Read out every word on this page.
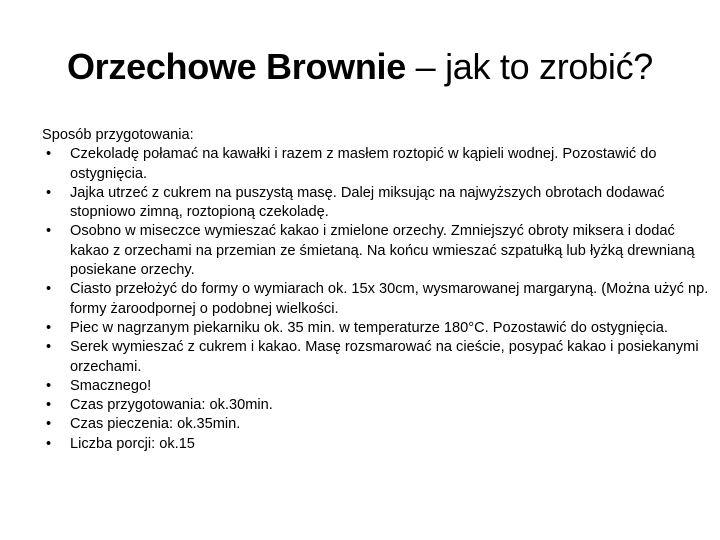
Orzechowe Brownie – jak to zrobić?

Sposób przygotowania:

•	Czekoladę połamać na kawałki i razem z masłem roztopić w kąpieli wodnej. Pozostawić do ostygnięcia.
•	Jajka utrzeć z cukrem na puszystą masę. Dalej miksując na najwyższych obrotach dodawać stopniowo zimną, roztopioną czekoladę.
•	Osobno w miseczce wymieszać kakao i zmielone orzechy. Zmniejszyć obroty miksera i dodać kakao z orzechami na przemian ze śmietaną. Na końcu wmieszać szpatułką lub łyżką drewnianą posiekane orzechy.
•	Ciasto przełożyć do formy o wymiarach ok. 15x 30cm, wysmarowanej margaryną. (Można użyć np. formy żaroodpornej o podobnej wielkości.
•	Piec w nagrzanym piekarniku ok. 35 min. w temperaturze 180°C. Pozostawić do ostygnięcia.
•	Serek wymieszać z cukrem i kakao. Masę rozsmarować na cieście, posypać kakao i posiekanymi orzechami.
•	Smacznego!
•	Czas przygotowania: ok.30min.
•	Czas pieczenia: ok.35min.
•	Liczba porcji: ok.15
